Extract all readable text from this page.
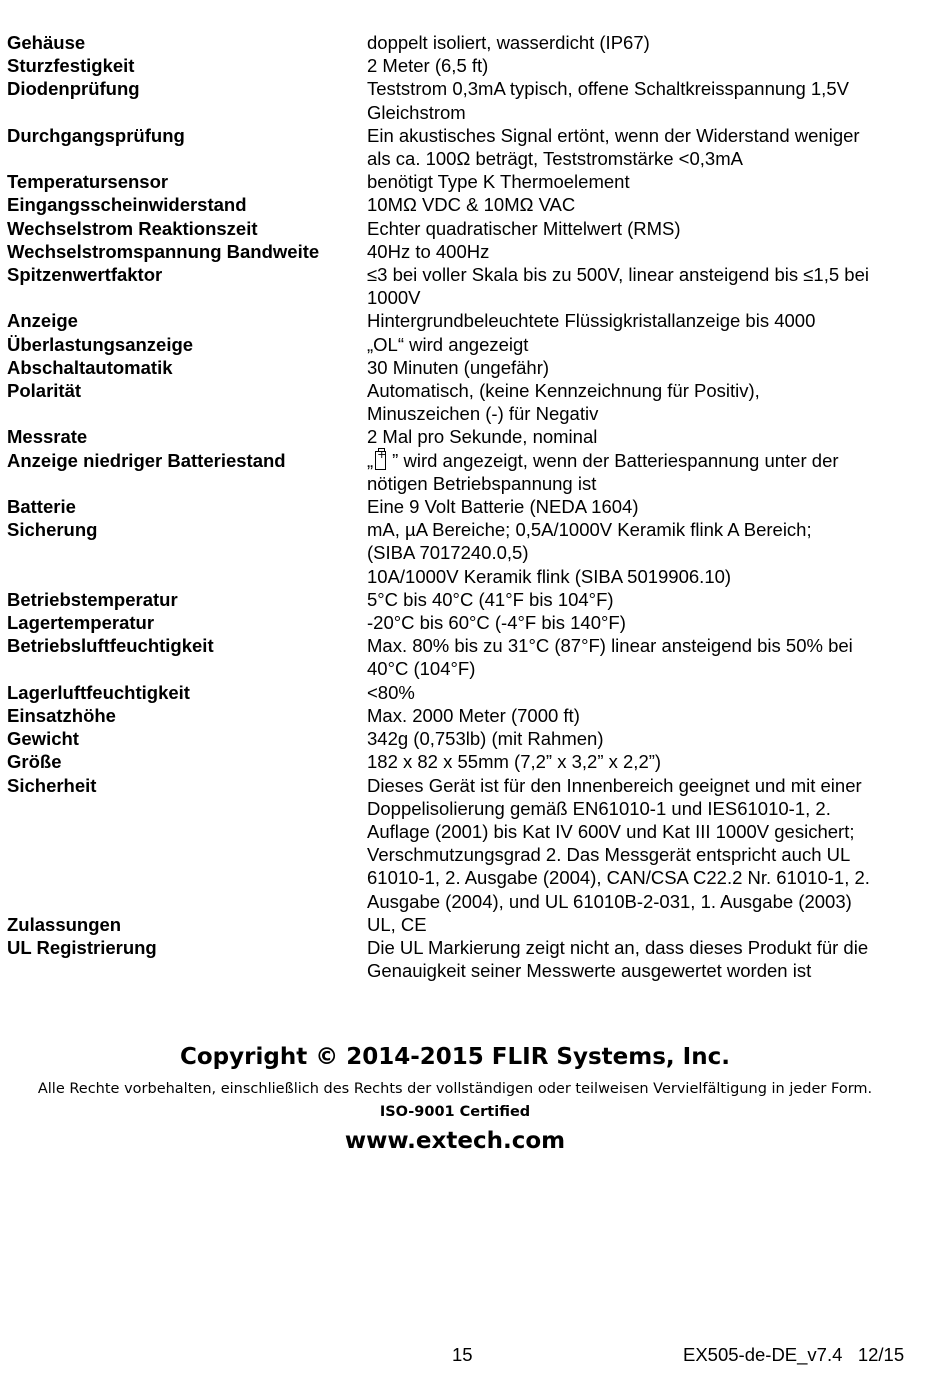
Gehäuse	doppelt isoliert, wasserdicht (IP67)
Sturzfestigkeit	2 Meter (6,5 ft)
Diodenprüfung	Teststrom 0,3mA typisch, offene Schaltkreisspannung 1,5V
Gleichstrom
Durchgangsprüfung	Ein akustisches Signal ertönt, wenn der Widerstand weniger
als ca. 100Ω beträgt, Teststromstärke <0,3mA
Temperatursensor	benötigt Type K Thermoelement
Eingangsscheinwiderstand	10MΩ VDC & 10MΩ VAC
Wechselstrom Reaktionszeit	Echter quadratischer Mittelwert (RMS)
Wechselstromspannung Bandweite	40Hz to 400Hz
Spitzenwertfaktor	≤3 bei voller Skala bis zu 500V, linear ansteigend bis ≤1,5 bei
1000V
Anzeige	Hintergrundbeleuchtete Flüssigkristallanzeige bis 4000
Überlastungsanzeige	„OL“ wird angezeigt
Abschaltautomatik	30 Minuten (ungefähr)
Polarität	Automatisch, (keine Kennzeichnung für Positiv),
Minuszeichen (-) für Negativ
Messrate	2 Mal pro Sekunde, nominal
Anzeige niedriger Batteriestand	„+ ” wird angezeigt, wenn der Batteriespannung unter der
nötigen Betriebspannung ist
Batterie	Eine 9 Volt Batterie (NEDA 1604)
Sicherung	mA, µA Bereiche; 0,5A/1000V Keramik flink A Bereich;
(SIBA 7017240.0,5)
10A/1000V Keramik flink (SIBA 5019906.10)
Betriebstemperatur	5°C bis 40°C (41°F bis 104°F)
Lagertemperatur	-20°C bis 60°C (-4°F bis 140°F)
Betriebsluftfeuchtigkeit	Max. 80% bis zu 31°C (87°F) linear ansteigend bis 50% bei
40°C (104°F)
Lagerluftfeuchtigkeit	<80%
Einsatzhöhe	Max. 2000 Meter (7000 ft)
Gewicht	342g (0,753lb) (mit Rahmen)
Größe	182 x 82 x 55mm (7,2” x 3,2” x 2,2”)
Sicherheit	Dieses Gerät ist für den Innenbereich geeignet und mit einer
Doppelisolierung gemäß EN61010-1 und IES61010-1, 2.
Auflage (2001) bis Kat IV 600V und Kat III 1000V gesichert;
Verschmutzungsgrad 2. Das Messgerät entspricht auch UL
61010-1, 2. Ausgabe (2004), CAN/CSA C22.2 Nr. 61010-1, 2.
Ausgabe (2004), und UL 61010B-2-031, 1. Ausgabe (2003)
Zulassungen	UL, CE
UL Registrierung	Die UL Markierung zeigt nicht an, dass dieses Produkt für die
Genauigkeit seiner Messwerte ausgewertet worden ist
Copyright © 2014-2015 FLIR Systems, Inc.
Alle Rechte vorbehalten, einschließlich des Rechts der vollständigen oder teilweisen Vervielfältigung in jeder Form.
ISO-9001 Certified
www.extech.com
15	EX505-de-DE_v7.4   12/15
